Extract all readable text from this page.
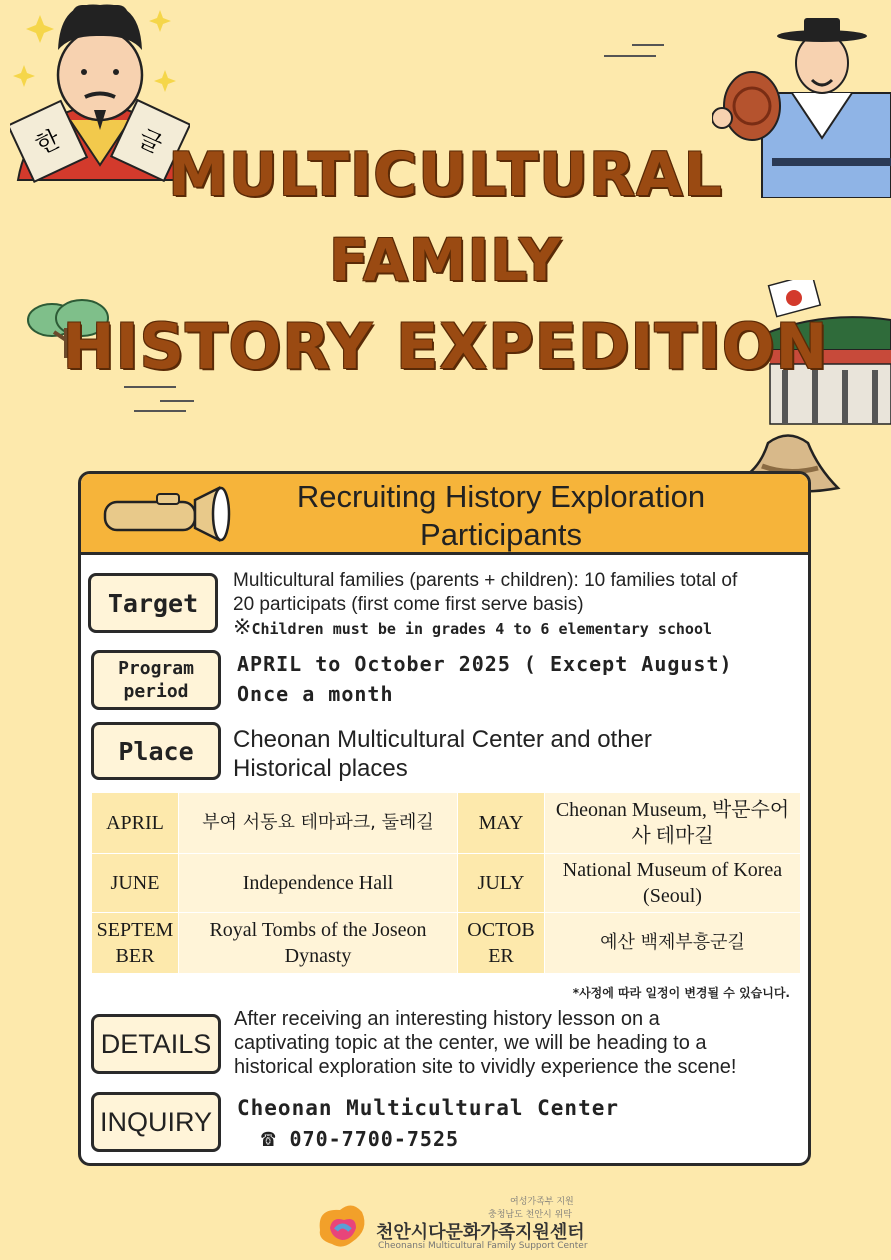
한	글 MULTICULTURAL
FAMILY
HISTORY EXPEDITION
Recruiting History Exploration Participants
Target
Multicultural families (parents + children): 10 families total of
20 participats (first come first serve basis)
※Children must be in grades 4 to 6 elementary school
Program
period
APRIL to October 2025 ( Except August)
Once a month
Place Cheonan Multicultural Center and other
Historical places
APRIL	부여 서동요 테마파크, 둘레길	MAY	Cheonan Museum, 박문수어사 테마길
JUNE	Independence Hall	JULY	National Museum of Korea (Seoul)
SEPTEMBER	Royal Tombs of the Joseon Dynasty	OCTOBER	예산 백제부흥군길
*사정에 따라 일정이 변경될 수 있습니다.
DETAILS
After receiving an interesting history lesson on a
captivating topic at the center, we will be heading to a
historical exploration site to vividly experience the scene!
INQUIRY Cheonan Multicultural Center
☎ 070-7700-7525
여성가족부 지원
충청남도 천안시 위탁
천안시다문화가족지원센터
Cheonansi Multicultural Family Support Center
